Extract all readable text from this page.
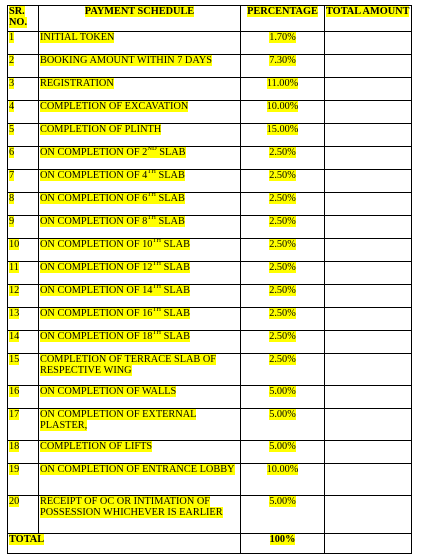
SR. NO.	PAYMENT SCHEDULE	PERCENTAGE	TOTAL AMOUNT
1	INITIAL TOKEN	1.70%	
2	BOOKING AMOUNT WITHIN 7 DAYS	7.30%	
3	REGISTRATION	11.00%	
4	COMPLETION OF EXCAVATION	10.00%	
5	COMPLETION OF PLINTH	15.00%	
6	ON COMPLETION OF 2ND SLAB	2.50%	
7	ON COMPLETION OF 4TH SLAB	2.50%	
8	ON COMPLETION OF 6TH SLAB	2.50%	
9	ON COMPLETION OF 8TH SLAB	2.50%	
10	ON COMPLETION OF 10TH SLAB	2.50%	
11	ON COMPLETION OF 12TH SLAB	2.50%	
12	ON COMPLETION OF 14TH SLAB	2.50%	
13	ON COMPLETION OF 16TH SLAB	2.50%	
14	ON COMPLETION OF 18TH SLAB	2.50%	
15	COMPLETION OF TERRACE SLAB OF RESPECTIVE WING	2.50%	
16	ON COMPLETION OF WALLS	5.00%	
17	ON COMPLETION OF EXTERNAL PLASTER,	5.00%	
18	COMPLETION OF LIFTS	5.00%	
19	ON COMPLETION OF ENTRANCE LOBBY	10.00%	
20	RECEIPT OF OC OR INTIMATION OF POSSESSION WHICHEVER IS EARLIER	5.00%	
TOTAL		100%	
